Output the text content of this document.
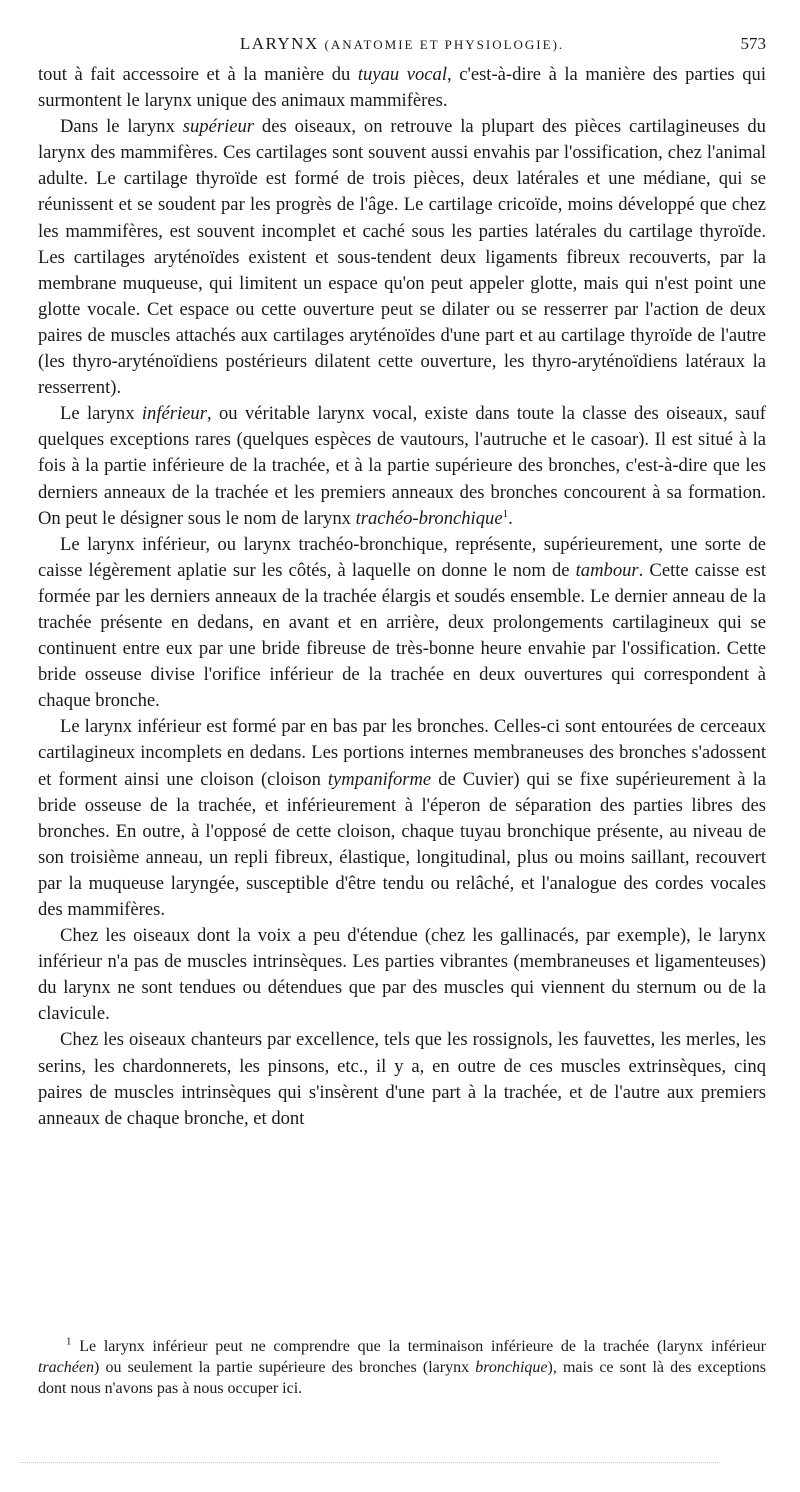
LARYNX (ANATOMIE ET PHYSIOLOGIE).	573

tout à fait accessoire et à la manière du tuyau vocal, c'est-à-dire à la manière des parties qui surmontent le larynx unique des animaux mammifères.

Dans le larynx supérieur des oiseaux, on retrouve la plupart des pièces cartilagineuses du larynx des mammifères. Ces cartilages sont souvent aussi envahis par l'ossification, chez l'animal adulte. Le cartilage thyroïde est formé de trois pièces, deux latérales et une médiane, qui se réunissent et se soudent par les progrès de l'âge. Le cartilage cricoïde, moins développé que chez les mammifères, est souvent incomplet et caché sous les parties latérales du cartilage thyroïde. Les cartilages aryténoïdes existent et sous-tendent deux ligaments fibreux recouverts, par la membrane muqueuse, qui limitent un espace qu'on peut appeler glotte, mais qui n'est point une glotte vocale. Cet espace ou cette ouverture peut se dilater ou se resserrer par l'action de deux paires de muscles attachés aux cartilages aryténoïdes d'une part et au cartilage thyroïde de l'autre (les thyro-aryténoïdiens postérieurs dilatent cette ouverture, les thyro-aryténoïdiens latéraux la resserrent).

Le larynx inférieur, ou véritable larynx vocal, existe dans toute la classe des oiseaux, sauf quelques exceptions rares (quelques espèces de vautours, l'autruche et le casoar). Il est situé à la fois à la partie inférieure de la trachée, et à la partie supérieure des bronches, c'est-à-dire que les derniers anneaux de la trachée et les premiers anneaux des bronches concourent à sa formation. On peut le désigner sous le nom de larynx trachéo-bronchique$^1$.

Le larynx inférieur, ou larynx trachéo-bronchique, représente, supérieurement, une sorte de caisse légèrement aplatie sur les côtés, à laquelle on donne le nom de tambour. Cette caisse est formée par les derniers anneaux de la trachée élargis et soudés ensemble. Le dernier anneau de la trachée présente en dedans, en avant et en arrière, deux prolongements cartilagineux qui se continuent entre eux par une bride fibreuse de très-bonne heure envahie par l'ossification. Cette bride osseuse divise l'orifice inférieur de la trachée en deux ouvertures qui correspondent à chaque bronche.

Le larynx inférieur est formé par en bas par les bronches. Celles-ci sont entourées de cerceaux cartilagineux incomplets en dedans. Les portions internes membraneuses des bronches s'adossent et forment ainsi une cloison (cloison tympaniforme de Cuvier) qui se fixe supérieurement à la bride osseuse de la trachée, et inférieurement à l'éperon de séparation des parties libres des bronches. En outre, à l'opposé de cette cloison, chaque tuyau bronchique présente, au niveau de son troisième anneau, un repli fibreux, élastique, longitudinal, plus ou moins saillant, recouvert par la muqueuse laryngée, susceptible d'être tendu ou relâché, et l'analogue des cordes vocales des mammifères.

Chez les oiseaux dont la voix a peu d'étendue (chez les gallinacés, par exemple), le larynx inférieur n'a pas de muscles intrinsèques. Les parties vibrantes (membraneuses et ligamenteuses) du larynx ne sont tendues ou détendues que par des muscles qui viennent du sternum ou de la clavicule.

Chez les oiseaux chanteurs par excellence, tels que les rossignols, les fauvettes, les merles, les serins, les chardonnerets, les pinsons, etc., il y a, en outre de ces muscles extrinsèques, cinq paires de muscles intrinsèques qui s'insèrent d'une part à la trachée, et de l'autre aux premiers anneaux de chaque bronche, et dont

$^1$ Le larynx inférieur peut ne comprendre que la terminaison inférieure de la trachée (larynx inférieur trachéen) ou seulement la partie supérieure des bronches (larynx bronchique), mais ce sont là des exceptions dont nous n'avons pas à nous occuper ici.
